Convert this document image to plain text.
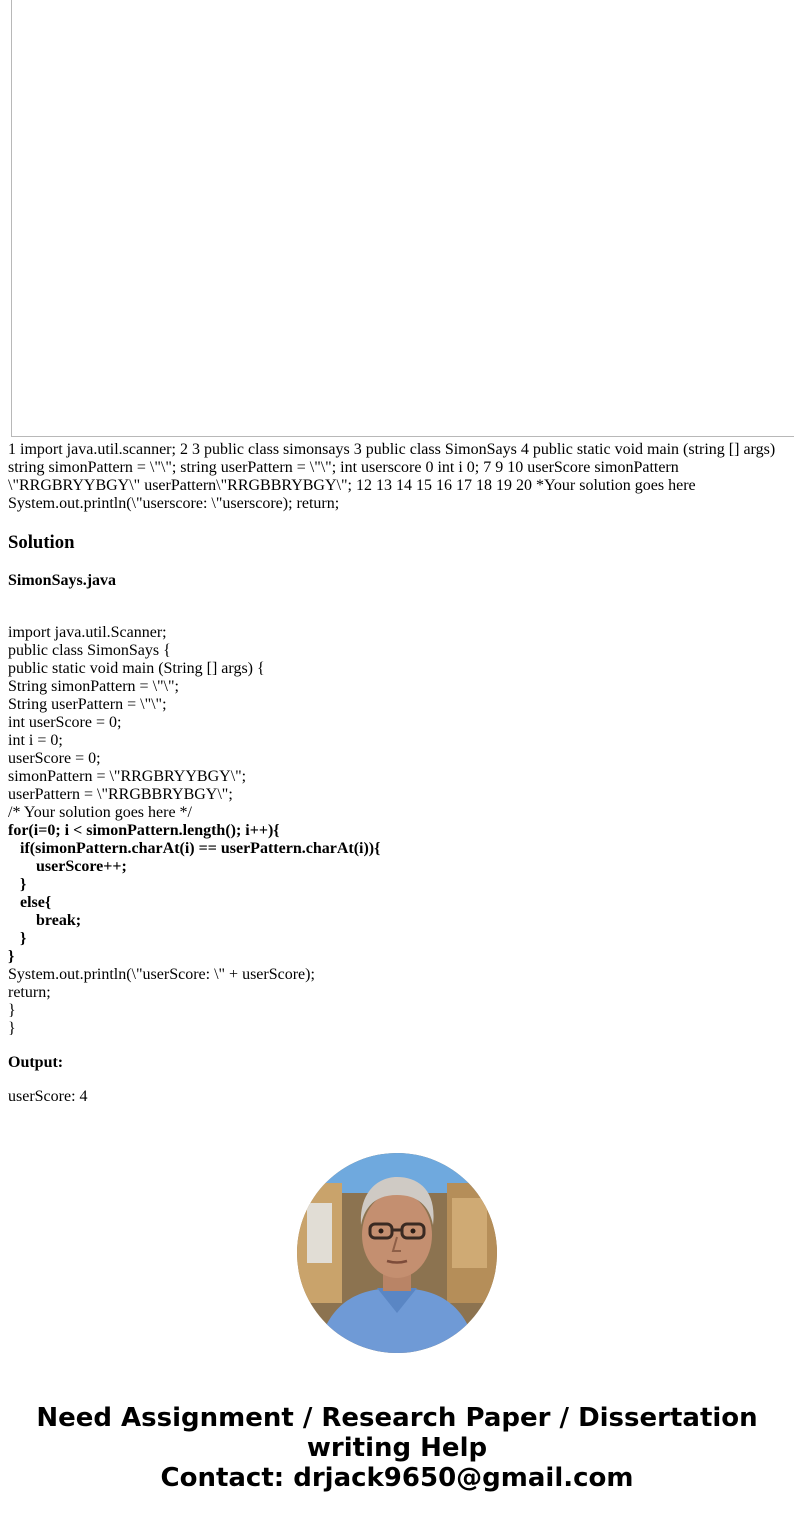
1 import java.util.scanner; 2 3 public class simonsays 3 public class SimonSays 4 public static void main (string [] args) string simonPattern = \"\"; string userPattern = \"\"; int userscore 0 int i 0; 7 9 10 userScore simonPattern \"RRGBRYYBGY\" userPattern\"RRGBBRYBGY\"; 12 13 14 15 16 17 18 19 20 *Your solution goes here System.out.println(\"userscore: \"userscore); return;
Solution
SimonSays.java
import java.util.Scanner;
public class SimonSays {
public static void main (String [] args) {
String simonPattern = \"\";
String userPattern = \"\";
int userScore = 0;
int i = 0;
userScore = 0;
simonPattern = \"RRGBRYYBGY\";
userPattern = \"RRGBBRYBGY\";
/* Your solution goes here */
for(i=0; i < simonPattern.length(); i++){
if(simonPattern.charAt(i) == userPattern.charAt(i)){
userScore++;
}
else{
break;
}
}
System.out.println(\"userScore: \" + userScore);
return;
}
}
Output:
userScore: 4
Need Assignment / Research Paper / Dissertation
writing Help
Contact: drjack9650@gmail.com
